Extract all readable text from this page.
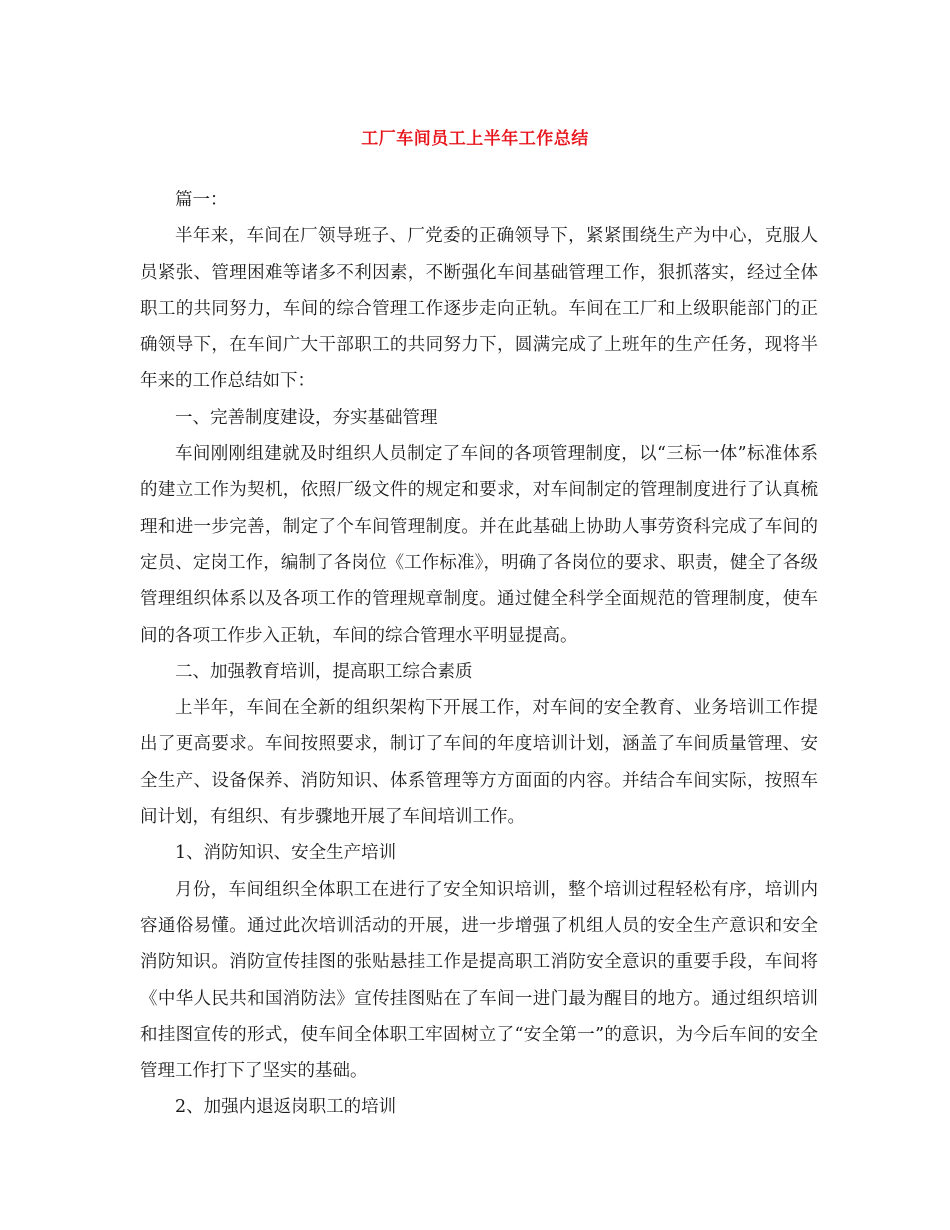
工厂车间员工上半年工作总结

篇一：

半年来，车间在厂领导班子、厂党委的正确领导下，紧紧围绕生产为中心，克服人员紧张、管理困难等诸多不利因素，不断强化车间基础管理工作，狠抓落实，经过全体职工的共同努力，车间的综合管理工作逐步走向正轨。车间在工厂和上级职能部门的正确领导下，在车间广大干部职工的共同努力下，圆满完成了上班年的生产任务，现将半年来的工作总结如下：

一、完善制度建设，夯实基础管理

车间刚刚组建就及时组织人员制定了车间的各项管理制度，以“三标一体”标准体系的建立工作为契机，依照厂级文件的规定和要求，对车间制定的管理制度进行了认真梳理和进一步完善，制定了个车间管理制度。并在此基础上协助人事劳资科完成了车间的定员、定岗工作，编制了各岗位《工作标准》，明确了各岗位的要求、职责，健全了各级管理组织体系以及各项工作的管理规章制度。通过健全科学全面规范的管理制度，使车间的各项工作步入正轨，车间的综合管理水平明显提高。

二、加强教育培训，提高职工综合素质

上半年，车间在全新的组织架构下开展工作，对车间的安全教育、业务培训工作提出了更高要求。车间按照要求，制订了车间的年度培训计划，涵盖了车间质量管理、安全生产、设备保养、消防知识、体系管理等方方面面的内容。并结合车间实际，按照车间计划，有组织、有步骤地开展了车间培训工作。

1、消防知识、安全生产培训

月份，车间组织全体职工在进行了安全知识培训，整个培训过程轻松有序，培训内容通俗易懂。通过此次培训活动的开展，进一步增强了机组人员的安全生产意识和安全消防知识。消防宣传挂图的张贴悬挂工作是提高职工消防安全意识的重要手段，车间将《中华人民共和国消防法》宣传挂图贴在了车间一进门最为醒目的地方。通过组织培训和挂图宣传的形式，使车间全体职工牢固树立了“安全第一”的意识，为今后车间的安全管理工作打下了坚实的基础。

2、加强内退返岗职工的培训
